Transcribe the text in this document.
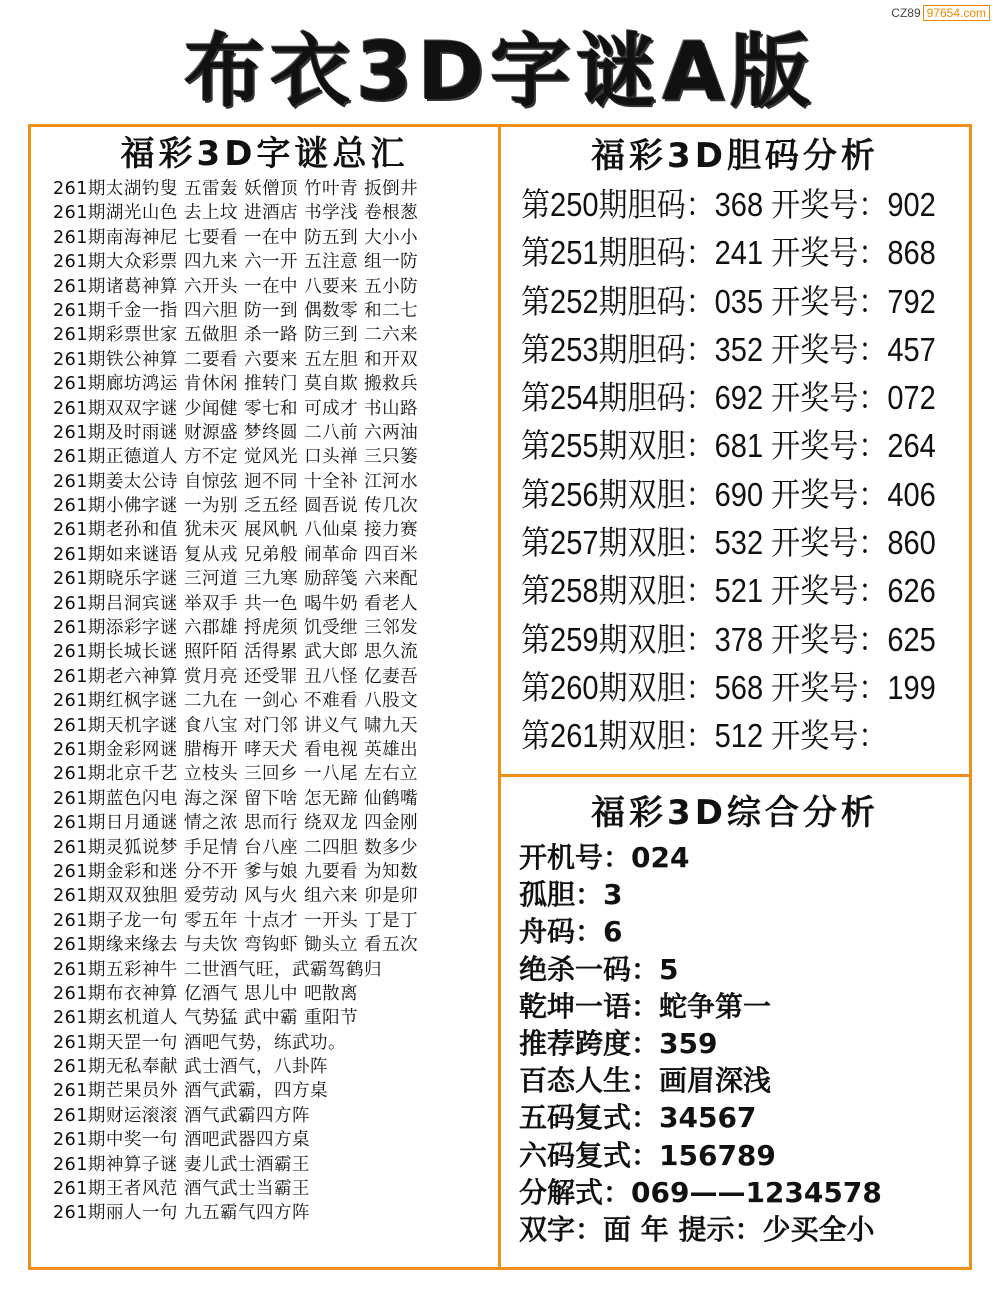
CZ89 97654.com
布衣3D字谜A版
福彩3D字谜总汇
261期太湖钓叟 五雷轰 妖僧顶 竹叶青 扳倒井
261期湖光山色 去上坟 进酒店 书学浅 卷根葱
261期南海神尼 七要看 一在中 防五到 大小小
261期大众彩票 四九来 六一开 五注意 组一防
261期诸葛神算 六开头 一在中 八要来 五小防
261期千金一指 四六胆 防一到 偶数零 和二七
261期彩票世家 五做胆 杀一路 防三到 二六来
261期铁公神算 二要看 六要来 五左胆 和开双
261期廊坊鸿运 肯休闲 推转门 莫自欺 搬救兵
261期双双字谜 少闻健 零七和 可成才 书山路
261期及时雨谜 财源盛 梦终圆 二八前 六两油
261期正德道人 方不定 觉风光 口头禅 三只篓
261期姜太公诗 自惊弦 迥不同 十全补 江河水
261期小佛字谜 一为别 乏五经 圆吾说 传几次
261期老孙和值 犹未灭 展风帆 八仙桌 接力赛
261期如来谜语 复从戎 兄弟般 闹革命 四百米
261期晓乐字谜 三河道 三九寒 励辞笺 六来配
261期吕洞宾谜 举双手 共一色 喝牛奶 看老人
261期添彩字谜 六郡雄 捋虎须 饥受绁 三邻发
261期长城长谜 照阡陌 活得累 武大郎 思久流
261期老六神算 赏月亮 还受罪 丑八怪 亿妻吾
261期红枫字谜 二九在 一剑心 不难看 八股文
261期天机字谜 食八宝 对门邻 讲义气 啸九天
261期金彩网谜 腊梅开 哮天犬 看电视 英雄出
261期北京千艺 立枝头 三回乡 一八尾 左右立
261期蓝色闪电 海之深 留下啥 怎无蹄 仙鹤嘴
261期日月通谜 情之浓 思而行 绕双龙 四金刚
261期灵狐说梦 手足情 台八座 二四胆 数多少
261期金彩和迷 分不开 爹与娘 九要看 为知数
261期双双独胆 爱劳动 风与火 组六来 卯是卯
261期子龙一句 零五年 十点才 一开头 丁是丁
261期缘来缘去 与夫饮 弯钩虾 锄头立 看五次
261期五彩神牛 二世酒气旺，武霸驾鹤归
261期布衣神算 亿酒气 思儿中 吧散离
261期玄机道人 气势猛 武中霸 重阳节
261期天罡一句 酒吧气势，练武功。
261期无私奉献 武士酒气，八卦阵
261期芒果员外 酒气武霸，四方桌
261期财运滚滚 酒气武霸四方阵
261期中奖一句 酒吧武器四方桌
261期神算子谜 妻儿武士酒霸王
261期王者风范 酒气武士当霸王
261期丽人一句 九五霸气四方阵
福彩3D胆码分析
第250期胆码：368 开奖号：902
第251期胆码：241 开奖号：868
第252期胆码：035 开奖号：792
第253期胆码：352 开奖号：457
第254期胆码：692 开奖号：072
第255期双胆：681 开奖号：264
第256期双胆：690 开奖号：406
第257期双胆：532 开奖号：860
第258期双胆：521 开奖号：626
第259期双胆：378 开奖号：625
第260期双胆：568 开奖号：199
第261期双胆：512 开奖号：
福彩3D综合分析
开机号：024
孤胆：3
舟码：6
绝杀一码：5
乾坤一语：蛇争第一
推荐跨度：359
百态人生：画眉深浅
五码复式：34567
六码复式：156789
分解式：069——1234578
双字：面 年 提示：少买全小
